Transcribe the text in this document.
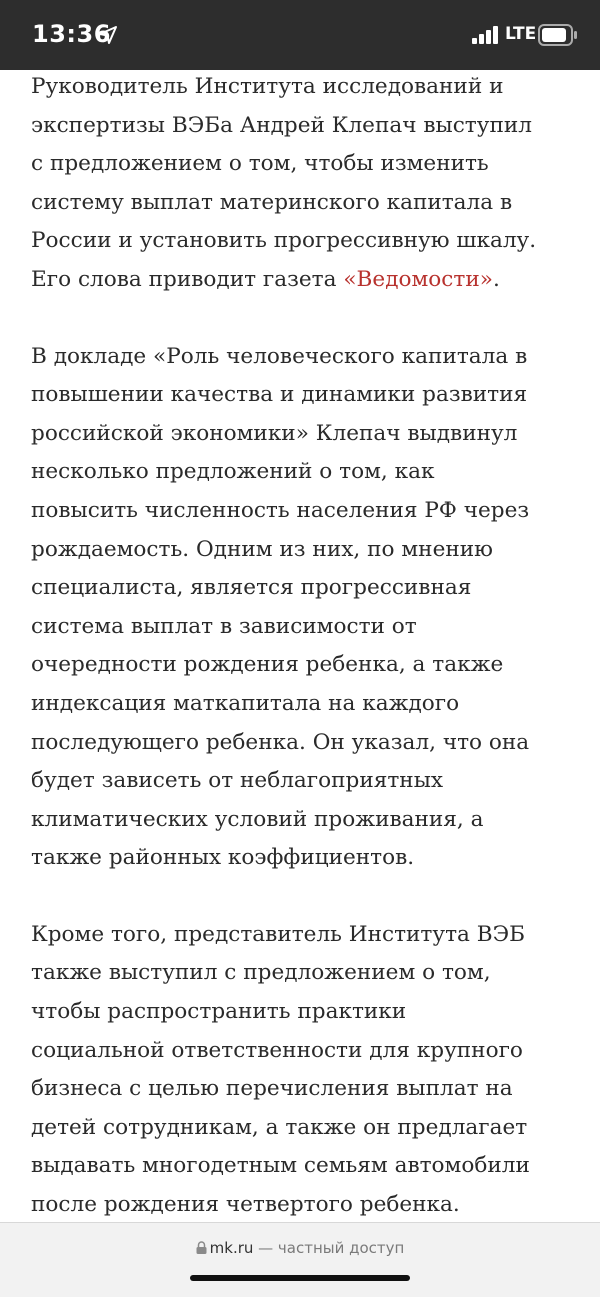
13:36	LTE

Руководитель Института исследований и
экспертизы ВЭБа Андрей Клепач выступил
с предложением о том, чтобы изменить
систему выплат материнского капитала в
России и установить прогрессивную шкалу.
Его слова приводит газета «Ведомости».

В докладе «Роль человеческого капитала в
повышении качества и динамики развития
российской экономики» Клепач выдвинул
несколько предложений о том, как
повысить численность населения РФ через
рождаемость. Одним из них, по мнению
специалиста, является прогрессивная
система выплат в зависимости от
очередности рождения ребенка, а также
индексация маткапитала на каждого
последующего ребенка. Он указал, что она
будет зависеть от неблагоприятных
климатических условий проживания, а
также районных коэффициентов.

Кроме того, представитель Института ВЭБ
также выступил с предложением о том,
чтобы распространить практики
социальной ответственности для крупного
бизнеса с целью перечисления выплат на
детей сотрудникам, а также он предлагает
выдавать многодетным семьям автомобили
после рождения четвертого ребенка.

mk.ru — частный доступ
